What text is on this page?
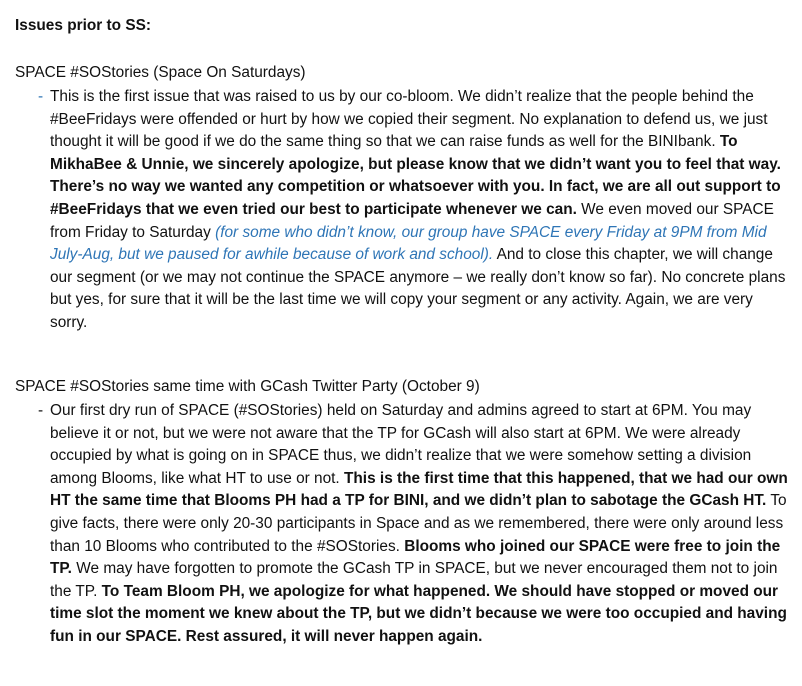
Issues prior to SS:
SPACE #SOStories (Space On Saturdays)
- This is the first issue that was raised to us by our co-bloom. We didn’t realize that the people behind the #BeeFridays were offended or hurt by how we copied their segment. No explanation to defend us, we just thought it will be good if we do the same thing so that we can raise funds as well for the BINIbank. To MikhaBee & Unnie, we sincerely apologize, but please know that we didn’t want you to feel that way. There’s no way we wanted any competition or whatsoever with you. In fact, we are all out support to #BeeFridays that we even tried our best to participate whenever we can. We even moved our SPACE from Friday to Saturday (for some who didn’t know, our group have SPACE every Friday at 9PM from Mid July-Aug, but we paused for awhile because of work and school). And to close this chapter, we will change our segment (or we may not continue the SPACE anymore – we really don’t know so far). No concrete plans but yes, for sure that it will be the last time we will copy your segment or any activity. Again, we are very sorry.
SPACE #SOStories same time with GCash Twitter Party (October 9)
- Our first dry run of SPACE (#SOStories) held on Saturday and admins agreed to start at 6PM. You may believe it or not, but we were not aware that the TP for GCash will also start at 6PM. We were already occupied by what is going on in SPACE thus, we didn’t realize that we were somehow setting a division among Blooms, like what HT to use or not. This is the first time that this happened, that we had our own HT the same time that Blooms PH had a TP for BINI, and we didn’t plan to sabotage the GCash HT. To give facts, there were only 20-30 participants in Space and as we remembered, there were only around less than 10 Blooms who contributed to the #SOStories. Blooms who joined our SPACE were free to join the TP. We may have forgotten to promote the GCash TP in SPACE, but we never encouraged them not to join the TP. To Team Bloom PH, we apologize for what happened. We should have stopped or moved our time slot the moment we knew about the TP, but we didn’t because we were too occupied and having fun in our SPACE. Rest assured, it will never happen again.
